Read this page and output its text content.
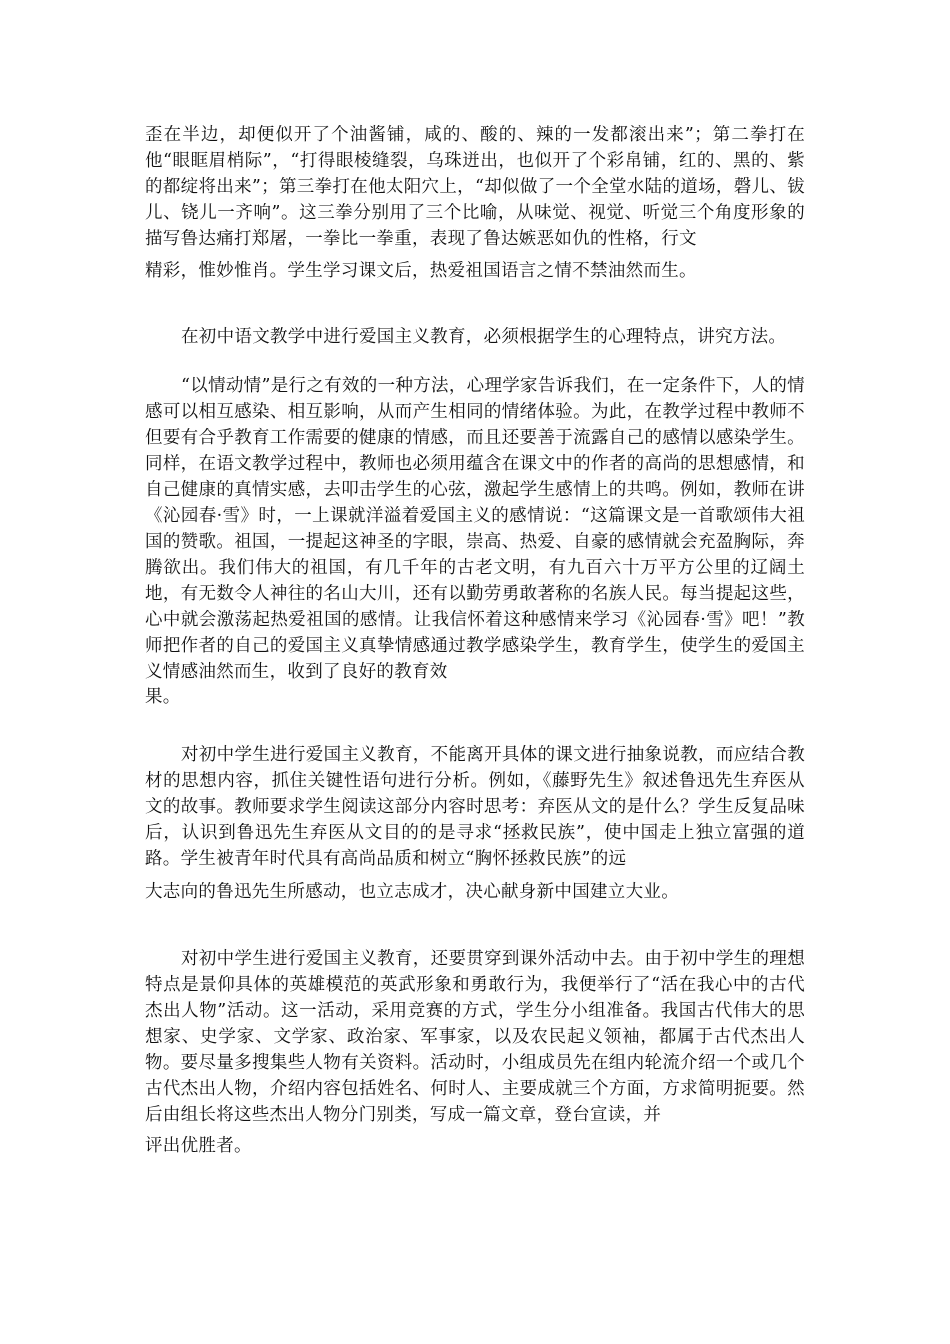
歪在半边，却便似开了个油酱铺，咸的、酸的、辣的一发都滚出来”；第二拳打在他“眼眶眉梢际”，“打得眼棱缝裂，乌珠迸出，也似开了个彩帛铺，红的、黑的、紫的都绽将出来”；第三拳打在他太阳穴上，“却似做了一个全堂水陆的道场，磬儿、钹儿、铙儿一齐响”。这三拳分别用了三个比喻，从味觉、视觉、听觉三个角度形象的描写鲁达痛打郑屠，一拳比一拳重，表现了鲁达嫉恶如仇的性格，行文

精彩，惟妙惟肖。学生学习课文后，热爱祖国语言之情不禁油然而生。

在初中语文教学中进行爱国主义教育，必须根据学生的心理特点，讲究方法。

“以情动情”是行之有效的一种方法，心理学家告诉我们，在一定条件下，人的情感可以相互感染、相互影响，从而产生相同的情绪体验。为此，在教学过程中教师不但要有合乎教育工作需要的健康的情感，而且还要善于流露自己的感情以感染学生。同样，在语文教学过程中，教师也必须用蕴含在课文中的作者的高尚的思想感情，和自己健康的真情实感，去叩击学生的心弦，激起学生感情上的共鸣。例如，教师在讲《沁园春·雪》时，一上课就洋溢着爱国主义的感情说：“这篇课文是一首歌颂伟大祖国的赞歌。祖国，一提起这神圣的字眼，崇高、热爱、自豪的感情就会充盈胸际，奔腾欲出。我们伟大的祖国，有几千年的古老文明，有九百六十万平方公里的辽阔土地，有无数令人神往的名山大川，还有以勤劳勇敢著称的名族人民。每当提起这些，心中就会激荡起热爱祖国的感情。让我信怀着这种感情来学习《沁园春·雪》吧！”教师把作者的自己的爱国主义真挚情感通过教学感染学生，教育学生，使学生的爱国主义情感油然而生，收到了良好的教育效

果。

对初中学生进行爱国主义教育，不能离开具体的课文进行抽象说教，而应结合教材的思想内容，抓住关键性语句进行分析。例如，《藤野先生》叙述鲁迅先生弃医从文的故事。教师要求学生阅读这部分内容时思考：弃医从文的是什么？学生反复品味后，认识到鲁迅先生弃医从文目的的是寻求“拯救民族”，使中国走上独立富强的道路。学生被青年时代具有高尚品质和树立“胸怀拯救民族”的远

大志向的鲁迅先生所感动，也立志成才，决心献身新中国建立大业。

对初中学生进行爱国主义教育，还要贯穿到课外活动中去。由于初中学生的理想特点是景仰具体的英雄模范的英武形象和勇敢行为，我便举行了“活在我心中的古代杰出人物”活动。这一活动，采用竞赛的方式，学生分小组准备。我国古代伟大的思想家、史学家、文学家、政治家、军事家，以及农民起义领袖，都属于古代杰出人物。要尽量多搜集些人物有关资料。活动时，小组成员先在组内轮流介绍一个或几个古代杰出人物，介绍内容包括姓名、何时人、主要成就三个方面，方求简明扼要。然后由组长将这些杰出人物分门别类，写成一篇文章，登台宣读，并

评出优胜者。
